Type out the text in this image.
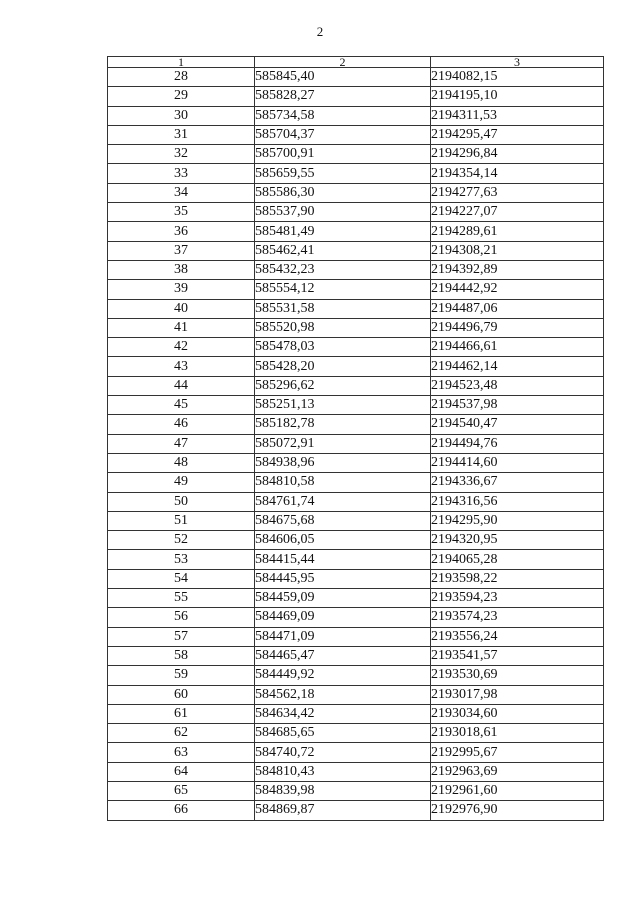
2
1	2	3
28	585845,40	2194082,15
29	585828,27	2194195,10
30	585734,58	2194311,53
31	585704,37	2194295,47
32	585700,91	2194296,84
33	585659,55	2194354,14
34	585586,30	2194277,63
35	585537,90	2194227,07
36	585481,49	2194289,61
37	585462,41	2194308,21
38	585432,23	2194392,89
39	585554,12	2194442,92
40	585531,58	2194487,06
41	585520,98	2194496,79
42	585478,03	2194466,61
43	585428,20	2194462,14
44	585296,62	2194523,48
45	585251,13	2194537,98
46	585182,78	2194540,47
47	585072,91	2194494,76
48	584938,96	2194414,60
49	584810,58	2194336,67
50	584761,74	2194316,56
51	584675,68	2194295,90
52	584606,05	2194320,95
53	584415,44	2194065,28
54	584445,95	2193598,22
55	584459,09	2193594,23
56	584469,09	2193574,23
57	584471,09	2193556,24
58	584465,47	2193541,57
59	584449,92	2193530,69
60	584562,18	2193017,98
61	584634,42	2193034,60
62	584685,65	2193018,61
63	584740,72	2192995,67
64	584810,43	2192963,69
65	584839,98	2192961,60
66	584869,87	2192976,90
